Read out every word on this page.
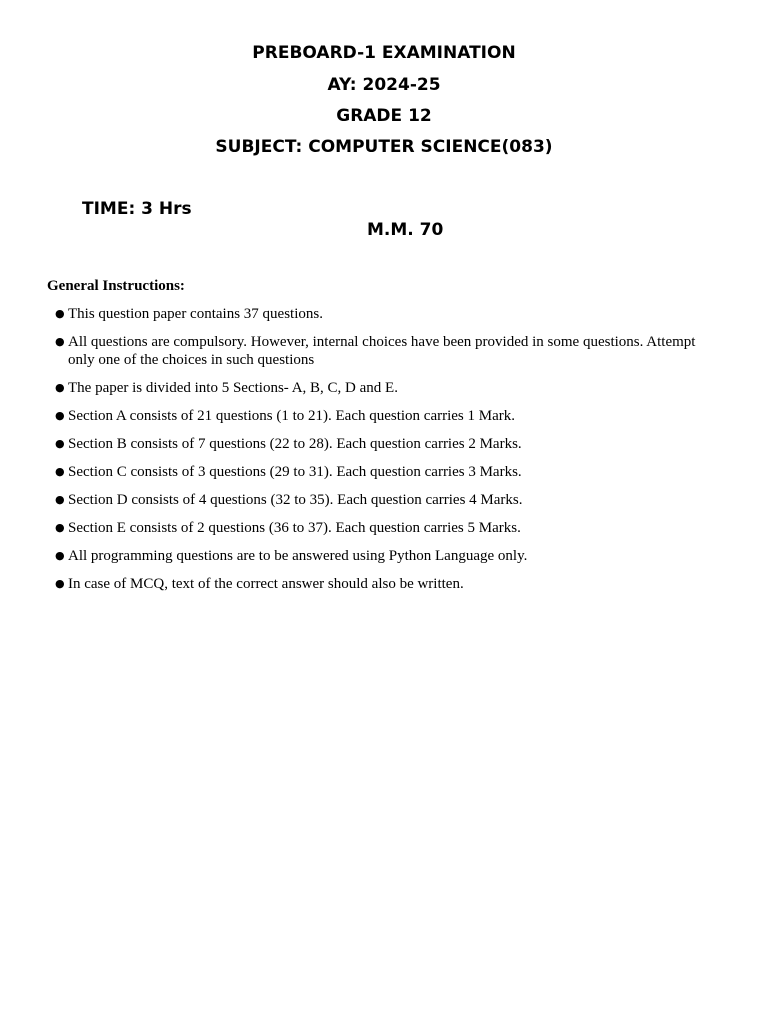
PREBOARD-1 EXAMINATION
AY: 2024-25
GRADE 12
SUBJECT: COMPUTER SCIENCE(083)
TIME: 3 Hrs
M.M. 70
General Instructions:
● This question paper contains 37 questions.
● All questions are compulsory. However, internal choices have been provided in some questions. Attempt only one of the choices in such questions
● The paper is divided into 5 Sections- A, B, C, D and E.
● Section A consists of 21 questions (1 to 21). Each question carries 1 Mark.
● Section B consists of 7 questions (22 to 28). Each question carries 2 Marks.
● Section C consists of 3 questions (29 to 31). Each question carries 3 Marks.
● Section D consists of 4 questions (32 to 35). Each question carries 4 Marks.
● Section E consists of 2 questions (36 to 37). Each question carries 5 Marks.
● All programming questions are to be answered using Python Language only.
● In case of MCQ, text of the correct answer should also be written.
